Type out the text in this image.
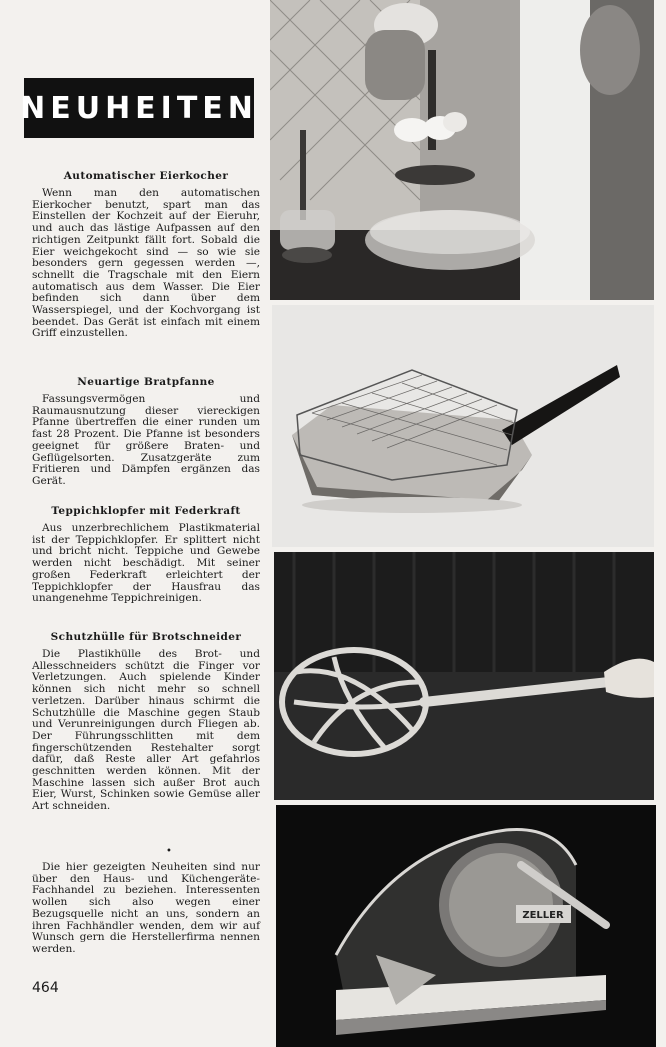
NEUHEITEN

Automatischer Eierkocher

Wenn man den automatischen Eierkocher benutzt, spart man das Einstellen der Kochzeit auf der Eieruhr, und auch das lästige Aufpassen auf den richtigen Zeitpunkt fällt fort. Sobald die Eier weichgekocht sind — so wie sie besonders gern gegessen werden —, schnellt die Tragschale mit den Eiern automatisch aus dem Wasser. Die Eier befinden sich dann über dem Wasserspiegel, und der Kochvorgang ist beendet. Das Gerät ist einfach mit einem Griff einzustellen.

Neuartige Bratpfanne

Fassungsvermögen und Raumausnutzung dieser viereckigen Pfanne übertreffen die einer runden um fast 28 Prozent. Die Pfanne ist besonders geeignet für größere Braten- und Geflügelsorten. Zusatzgeräte zum Fritieren und Dämpfen ergänzen das Gerät.

Teppichklopfer mit Federkraft

Aus unzerbrechlichem Plastikmaterial ist der Teppichklopfer. Er splittert nicht und bricht nicht. Teppiche und Gewebe werden nicht beschädigt. Mit seiner großen Federkraft erleichtert der Teppichklopfer der Hausfrau das unangenehme Teppichreinigen.

Schutzhülle für Brotschneider

Die Plastikhülle des Brot- und Allesschneiders schützt die Finger vor Verletzungen. Auch spielende Kinder können sich nicht mehr so schnell verletzen. Darüber hinaus schirmt die Schutzhülle die Maschine gegen Staub und Verunreinigungen durch Fliegen ab. Der Führungsschlitten mit dem fingerschützenden Restehalter sorgt dafür, daß Reste aller Art gefahrlos geschnitten werden können. Mit der Maschine lassen sich außer Brot auch Eier, Wurst, Schinken sowie Gemüse aller Art schneiden.

•

Die hier gezeigten Neuheiten sind nur über den Haus- und Küchengeräte-Fachhandel zu beziehen. Interessenten wollen sich also wegen einer Bezugsquelle nicht an uns, sondern an ihren Fachhändler wenden, dem wir auf Wunsch gern die Herstellerfirma nennen werden.

464
ZELLER
